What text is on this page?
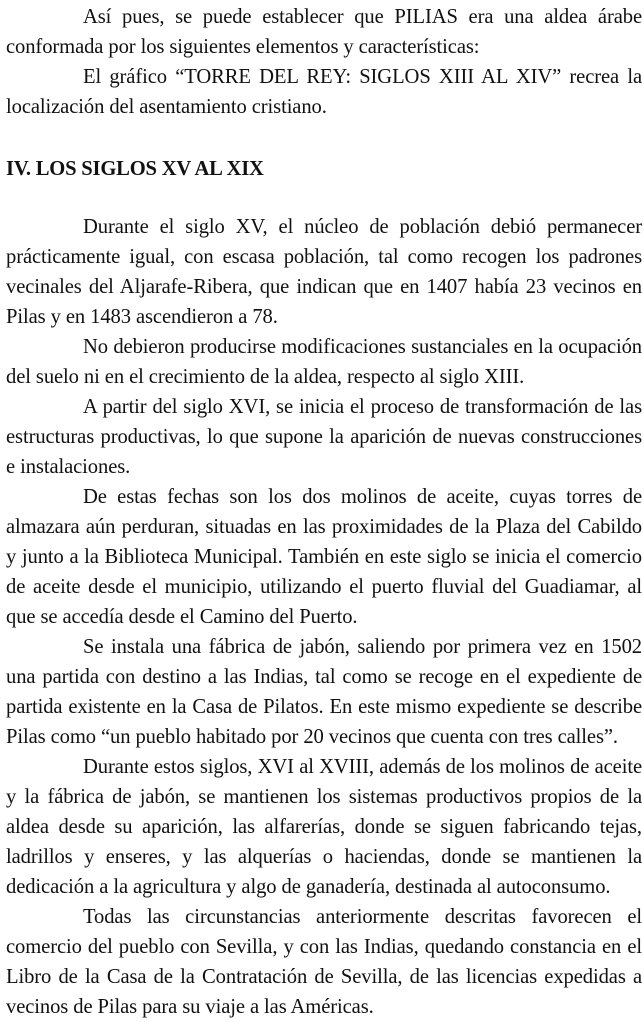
Así pues, se puede establecer que PILIAS era una aldea árabe conformada por los siguientes elementos y características:

El gráfico “TORRE DEL REY: SIGLOS XIII AL XIV” recrea la localización del asentamiento cristiano.

IV. LOS SIGLOS XV AL XIX

Durante el siglo XV, el núcleo de población debió permanecer prácticamente igual, con escasa población, tal como recogen los padrones vecinales del Aljarafe-Ribera, que indican que en 1407 había 23 vecinos en Pilas y en 1483 ascendieron a 78.

No debieron producirse modificaciones sustanciales en la ocupación del suelo ni en el crecimiento de la aldea, respecto al siglo XIII.

A partir del siglo XVI, se inicia el proceso de transformación de las estructuras productivas, lo que supone la aparición de nuevas construcciones e instalaciones.

De estas fechas son los dos molinos de aceite, cuyas torres de almazara aún perduran, situadas en las proximidades de la Plaza del Cabildo y junto a la Biblioteca Municipal. También en este siglo se inicia el comercio de aceite desde el municipio, utilizando el puerto fluvial del Guadiamar, al que se accedía desde el Camino del Puerto.

Se instala una fábrica de jabón, saliendo por primera vez en 1502 una partida con destino a las Indias, tal como se recoge en el expediente de partida existente en la Casa de Pilatos. En este mismo expediente se describe Pilas como “un pueblo habitado por 20 vecinos que cuenta con tres calles”.

Durante estos siglos, XVI al XVIII, además de los molinos de aceite y la fábrica de jabón, se mantienen los sistemas productivos propios de la aldea desde su aparición, las alfarerías, donde se siguen fabricando tejas, ladrillos y enseres, y las alquerías o haciendas, donde se mantienen la dedicación a la agricultura y algo de ganadería, destinada al autoconsumo.

Todas las circunstancias anteriormente descritas favorecen el comercio del pueblo con Sevilla, y con las Indias, quedando constancia en el Libro de la Casa de la Contratación de Sevilla, de las licencias expedidas a vecinos de Pilas para su viaje a las Américas.
